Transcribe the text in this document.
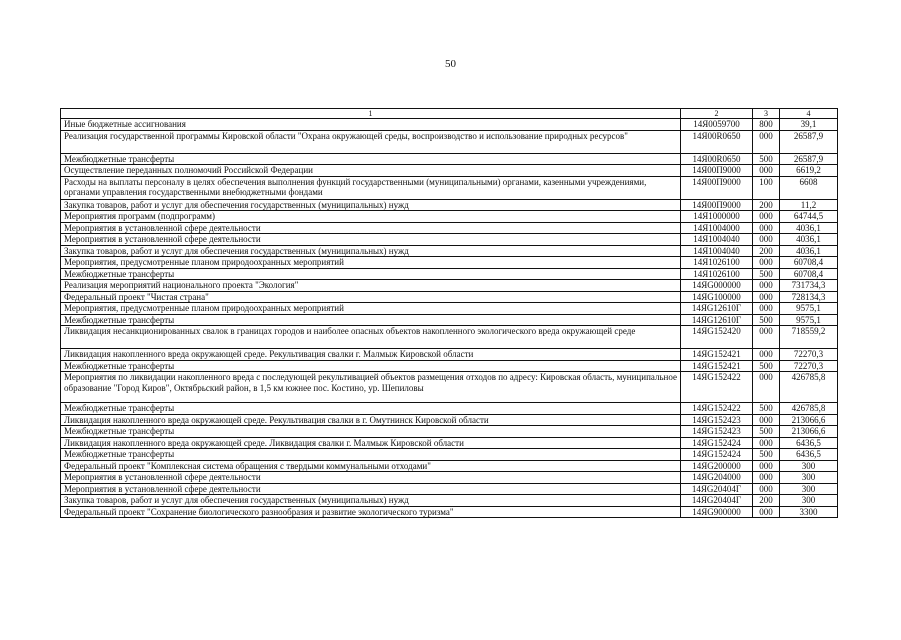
50
1	2	3	4
Иные бюджетные ассигнования	14Я0059700	800	39,1
Реализация государственной программы Кировской области "Охрана окружающей среды, воспроизводство и использование природных ресурсов"	14Я00R0650	000	26587,9
Межбюджетные трансферты	14Я00R0650	500	26587,9
Осуществление переданных полномочий Российской Федерации	14Я00П9000	000	6619,2
Расходы на выплаты персоналу в целях обеспечения выполнения функций государственными (муниципальными) органами, казенными учреждениями, органами управления государственными внебюджетными фондами	14Я00П9000	100	6608
Закупка товаров, работ и услуг для обеспечения государственных (муниципальных) нужд	14Я00П9000	200	11,2
Мероприятия программ (подпрограмм)	14Я1000000	000	64744,5
Мероприятия в установленной сфере деятельности	14Я1004000	000	4036,1
Мероприятия в установленной сфере деятельности	14Я1004040	000	4036,1
Закупка товаров, работ и услуг для обеспечения государственных (муниципальных) нужд	14Я1004040	200	4036,1
Мероприятия, предусмотренные планом природоохранных мероприятий	14Я1026100	000	60708,4
Межбюджетные трансферты	14Я1026100	500	60708,4
Реализация мероприятий национального проекта "Экология"	14ЯG000000	000	731734,3
Федеральный проект "Чистая страна"	14ЯG100000	000	728134,3
Мероприятия, предусмотренные планом природоохранных мероприятий	14ЯG12610Г	000	9575,1
Межбюджетные трансферты	14ЯG12610Г	500	9575,1
Ликвидация несанкционированных свалок в границах городов и наиболее опасных объектов накопленного экологического вреда окружающей среде	14ЯG152420	000	718559,2
Ликвидация накопленного вреда окружающей среде. Рекультивация свалки г. Малмыж Кировской области	14ЯG152421	000	72270,3
Межбюджетные трансферты	14ЯG152421	500	72270,3
Мероприятия по ликвидации накопленного вреда с последующей рекультивацией объектов размещения отходов по адресу: Кировская область, муниципальное образование "Город Киров", Октябрьский район, в 1,5 км южнее пос. Костино, ур. Шепиловы	14ЯG152422	000	426785,8
Межбюджетные трансферты	14ЯG152422	500	426785,8
Ликвидация накопленного вреда окружающей среде. Рекультивация свалки в г. Омутнинск Кировской области	14ЯG152423	000	213066,6
Межбюджетные трансферты	14ЯG152423	500	213066,6
Ликвидация накопленного вреда окружающей среде. Ликвидация свалки г. Малмыж Кировской области	14ЯG152424	000	6436,5
Межбюджетные трансферты	14ЯG152424	500	6436,5
Федеральный проект "Комплексная система обращения с твердыми коммунальными отходами"	14ЯG200000	000	300
Мероприятия в установленной сфере деятельности	14ЯG204000	000	300
Мероприятия в установленной сфере деятельности	14ЯG20404Г	000	300
Закупка товаров, работ и услуг для обеспечения государственных (муниципальных) нужд	14ЯG20404Г	200	300
Федеральный проект "Сохранение биологического разнообразия и развитие экологического туризма"	14ЯG900000	000	3300
